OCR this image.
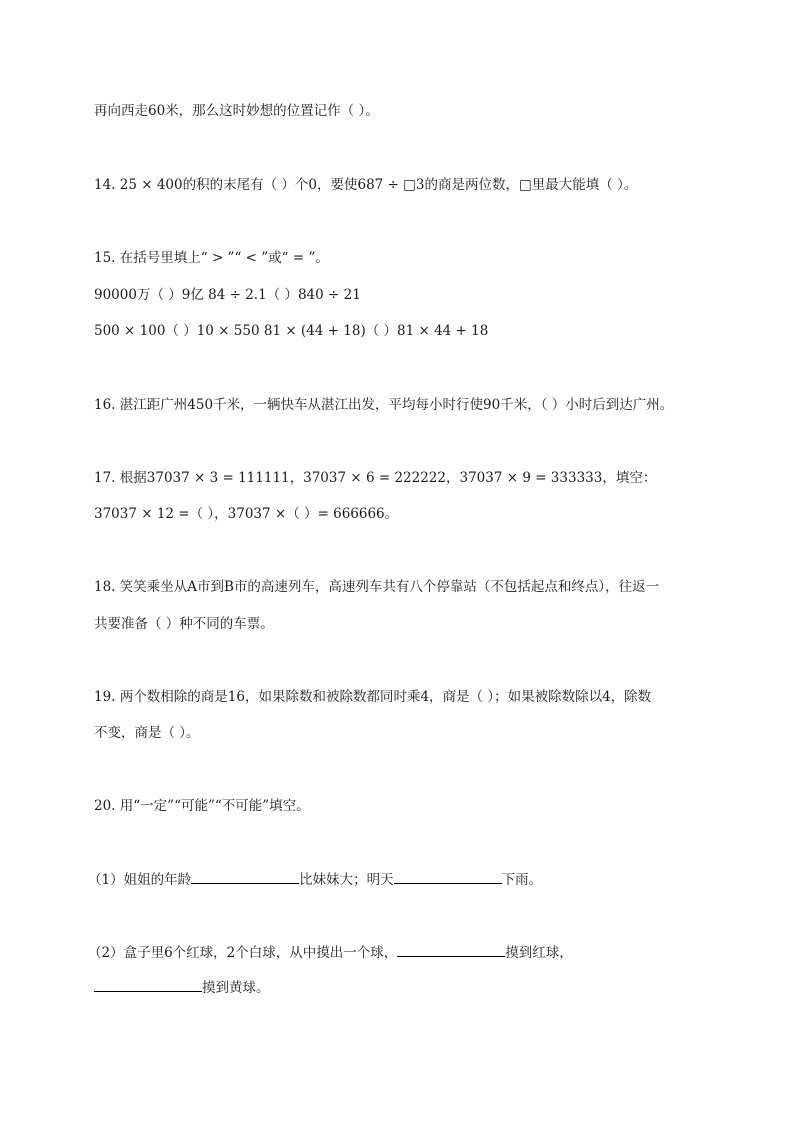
再向西走60米，那么这时妙想的位置记作（ ）。
14. 25 × 400的积的末尾有（ ）个0，要使687 ÷ □3的商是两位数，□里最大能填（ ）。
15. 在括号里填上“ > ”“ < ”或“ = ”。
90000万（ ）9亿 84 ÷ 2.1（ ）840 ÷ 21
500 × 100（ ）10 × 550 81 × (44 + 18)（ ）81 × 44 + 18
16. 湛江距广州450千米，一辆快车从湛江出发，平均每小时行使90千米，（ ）小时后到达广州。
17. 根据37037 × 3 = 111111，37037 × 6 = 222222，37037 × 9 = 333333，填空：
37037 × 12 =（ ），37037 ×（ ）= 666666。
18. 笑笑乘坐从A市到B市的高速列车，高速列车共有八个停靠站（不包括起点和终点），往返一
共要准备（ ）种不同的车票。
19. 两个数相除的商是16，如果除数和被除数都同时乘4，商是（ ）；如果被除数除以4，除数
不变，商是（ ）。
20. 用“一定”“可能”“不可能”填空。
（1）姐姐的年龄	比妹妹大；明天	下雨。
（2）盒子里6个红球，2个白球，从中摸出一个球，	摸到红球，
摸到黄球。
